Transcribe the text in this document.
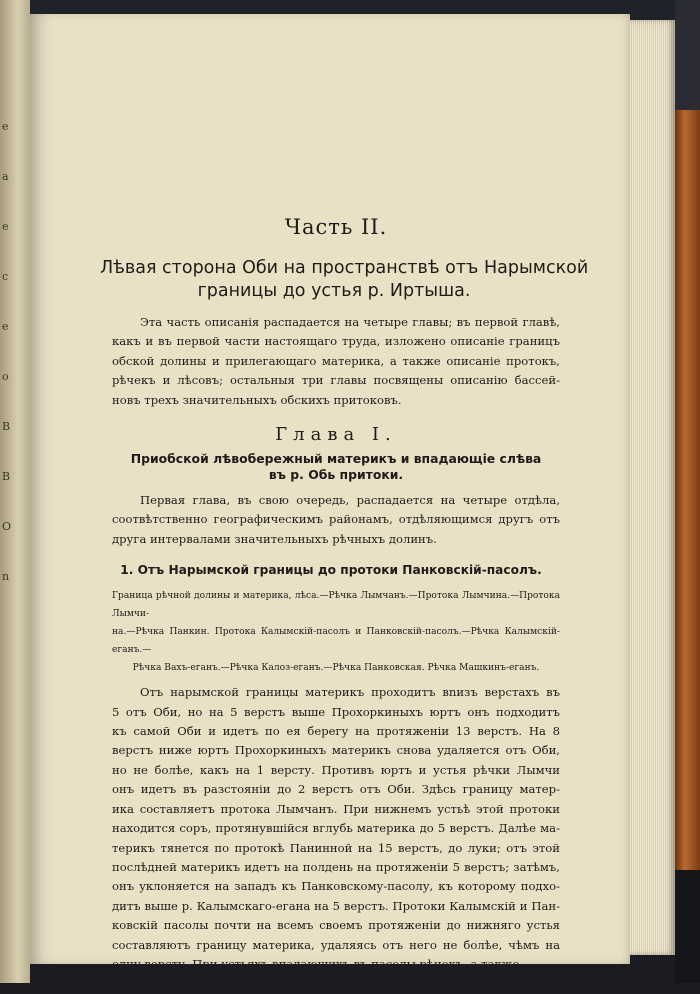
e
a
e
c
e
o
B
B
O
n
Часть II.
Лѣвая сторона Оби на пространствѣ отъ Нарымской
границы до устья р. Иртыша.
Эта часть описанія распадается на четыре главы; въ первой главѣ,
какъ и въ первой части настоящаго труда, изложено описаніе границъ
обской долины и прилегающаго материка, а также описаніе протокъ,
рѣчекъ и лѣсовъ; остальныя три главы посвящены описанію бассей-
новъ трехъ значительныхъ обскихъ притоковъ.
Глава I.
Приобской лѣвобережный материкъ и впадающіе слѣва
въ р. Обь притоки.
Первая глава, въ свою очередь, распадается на четыре отдѣла,
соотвѣтственно географическимъ районамъ, отдѣляющимся другъ отъ
друга интервалами значительныхъ рѣчныхъ долинъ.
1. Отъ Нарымской границы до протоки Панковскій-пасолъ.
Граница рѣчной долины и материка, лѣса.—Рѣчка Лымчанъ.—Протока Лымчина.—Протока Лымчи-
на.—Рѣчка Панкин. Протока Калымскій-пасолъ и Панковскій-пасолъ.—Рѣчка Калымскій-еганъ.—
Рѣчка Вахъ-еганъ.—Рѣчка Калоз-еганъ.—Рѣчка Панковская. Рѣчка Машкинъ-еганъ.
Отъ нарымской границы материкъ проходитъ вnизъ верстахъ въ
5 отъ Оби, но на 5 верстъ выше Прохоркиныхъ юртъ онъ подходитъ
къ самой Оби и идетъ по ея берегу на протяженіи 13 верстъ. На 8
верстъ ниже юртъ Прохоркиныхъ материкъ снова удаляется отъ Оби,
но не болѣе, какъ на 1 версту. Противъ юртъ и устья рѣчки Лымчи
онъ идетъ въ разстояніи до 2 верстъ отъ Оби. Здѣсь границу матер-
ика составляетъ протока Лымчанъ. При нижнемъ устьѣ этой протоки
находится соръ, протянувшійся вглубь материка до 5 верстъ. Далѣе ма-
терикъ тянется по протокѣ Панинной на 15 верстъ, до луки; отъ этой
послѣдней материкъ идетъ на полдень на протяженіи 5 верстъ; затѣмъ,
онъ уклоняется на западъ къ Панковскому-пасолу, къ которому подхо-
дитъ выше р. Калымскаго-егана на 5 верстъ. Протоки Калымскій и Пан-
ковскій пасолы почти на всемъ своемъ протяженіи до нижняго устья
составляютъ границу материка, удаляясь отъ него не болѣе, чѣмъ на
одну версту. При устьяхъ впадающихъ въ пасолы рѣчекъ, а также прибли-
